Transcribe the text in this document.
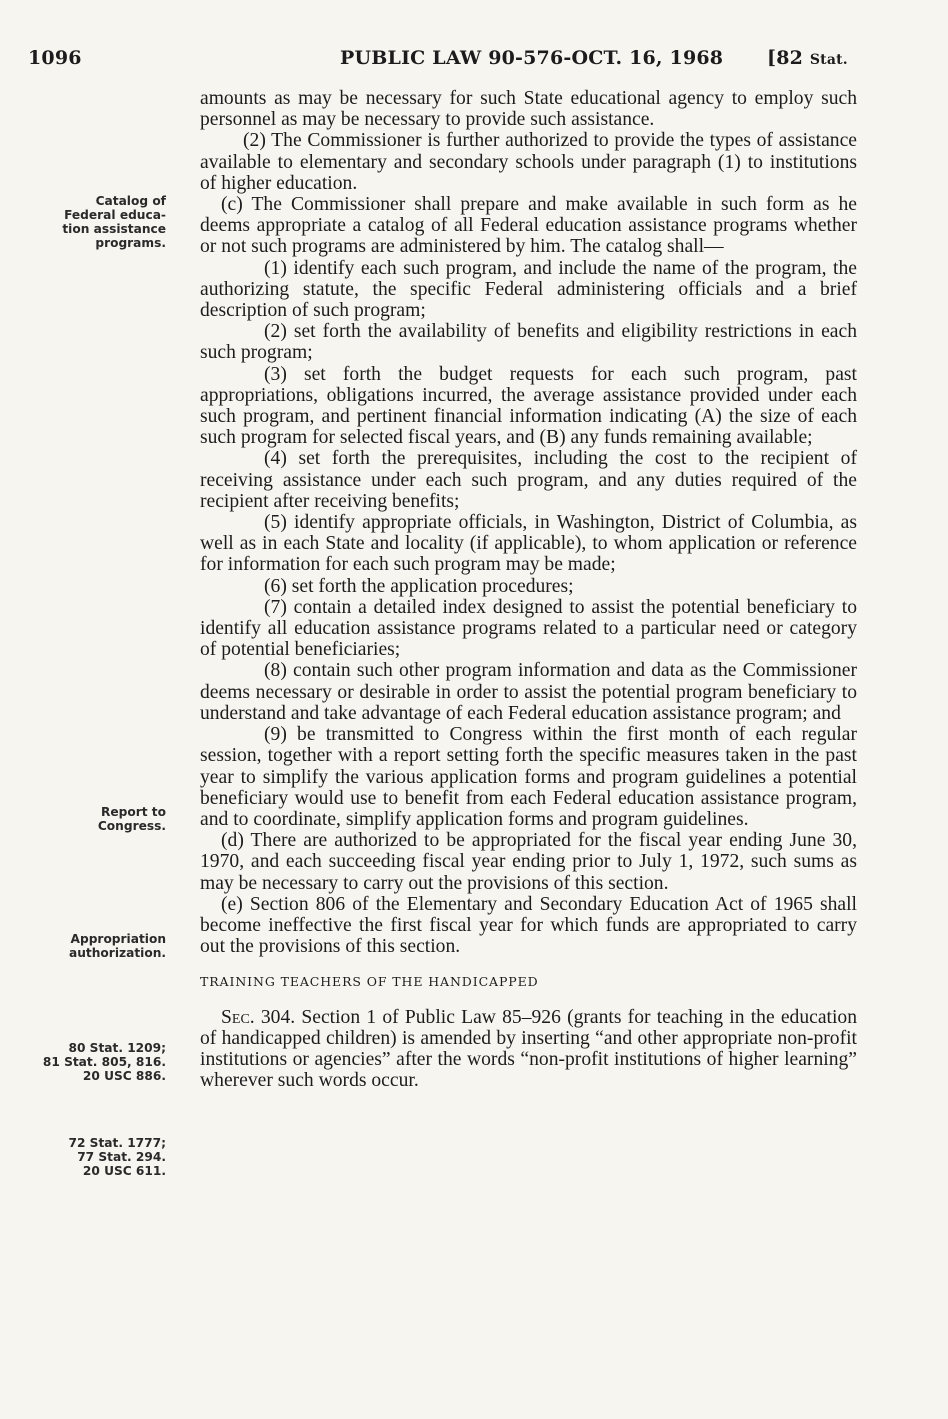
1096	PUBLIC LAW 90-576-OCT. 16, 1968 [82 Stat.
Catalog of
Federal educa-
tion assistance
programs.
Report to
Congress.
Appropriation
authorization.
80 Stat. 1209;
81 Stat. 805, 816.
20 USC 886.
72 Stat. 1777;
77 Stat. 294.
20 USC 611.

amounts as may be necessary for such State educational agency to employ such personnel as may be necessary to provide such assistance.

(2) The Commissioner is further authorized to provide the types of assistance available to elementary and secondary schools under paragraph (1) to institutions of higher education.

(c) The Commissioner shall prepare and make available in such form as he deems appropriate a catalog of all Federal education assistance programs whether or not such programs are administered by him. The catalog shall—

(1) identify each such program, and include the name of the program, the authorizing statute, the specific Federal administering officials and a brief description of such program;

(2) set forth the availability of benefits and eligibility restrictions in each such program;

(3) set forth the budget requests for each such program, past appropriations, obligations incurred, the average assistance provided under each such program, and pertinent financial information indicating (A) the size of each such program for selected fiscal years, and (B) any funds remaining available;

(4) set forth the prerequisites, including the cost to the recipient of receiving assistance under each such program, and any duties required of the recipient after receiving benefits;

(5) identify appropriate officials, in Washington, District of Columbia, as well as in each State and locality (if applicable), to whom application or reference for information for each such program may be made;

(6) set forth the application procedures;

(7) contain a detailed index designed to assist the potential beneficiary to identify all education assistance programs related to a particular need or category of potential beneficiaries;

(8) contain such other program information and data as the Commissioner deems necessary or desirable in order to assist the potential program beneficiary to understand and take advantage of each Federal education assistance program; and

(9) be transmitted to Congress within the first month of each regular session, together with a report setting forth the specific measures taken in the past year to simplify the various application forms and program guidelines a potential beneficiary would use to benefit from each Federal education assistance program, and to coordinate, simplify application forms and program guidelines.

(d) There are authorized to be appropriated for the fiscal year ending June 30, 1970, and each succeeding fiscal year ending prior to July 1, 1972, such sums as may be necessary to carry out the provisions of this section.

(e) Section 806 of the Elementary and Secondary Education Act of 1965 shall become ineffective the first fiscal year for which funds are appropriated to carry out the provisions of this section.

TRAINING TEACHERS OF THE HANDICAPPED

Sec. 304. Section 1 of Public Law 85–926 (grants for teaching in the education of handicapped children) is amended by inserting “and other appropriate non-profit institutions or agencies” after the words “non-profit institutions of higher learning” wherever such words occur.
